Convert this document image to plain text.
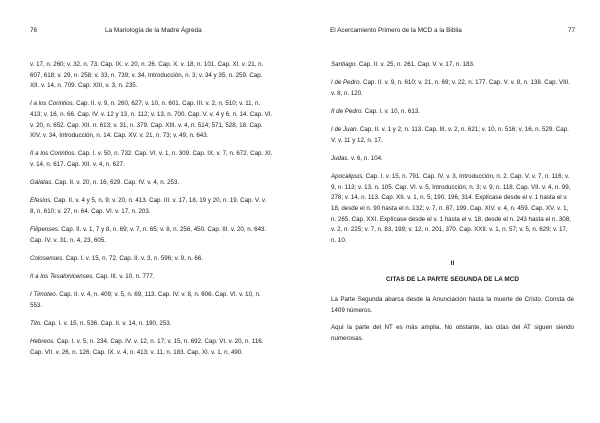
76	La Mariología de la Madre Ágreda

v. 17, n. 260; v. 32, n. 73. Cap. IX. v. 20, n. 26. Cap. X. v. 18, n. 101. Cap. XI. v. 21, n. 607, 618; v. 29, n. 258; v. 33, n. 739; v. 34, Introducción, n. 3; v. 34 y 35, n. 259. Cap. XII. v. 14, n. 709. Cap. XIII, v. 3, n. 235.

I a los Corintios. Cap. II. v. 9, n. 260, 627; v. 10, n. 601. Cap. III. v. 2, n. 510; v. 11, n. 413; v. 16, n. 66. Cap. IV. v. 12 y 13, n. 112; v. 13, n. 700. Cap. V. v. 4 y 6, n. 14. Cap. VI. v. 20, n. 652. Cap. XII. n. 613; v. 31, n. 379. Cap. XIII. v. 4, n. 514; 571, 528, 18. Cap. XIV. v. 34, Introducción, n. 14. Cap. XV. v. 21, n. 73; v. 49, n. 643.

II a los Corintios. Cap. I. v. 50, n. 732. Cap. VI. v. 1, n. 309. Cap. IX. v. 7, n. 672. Cap. XI. v. 14, n. 617. Cap. XII. v. 4, n. 627.

Gálatas. Cap. II. v. 20, n. 16, 629. Cap. IV. v. 4, n. 253.

Efesios. Cap. II. v. 4 y 5, n. 9; v. 20, n. 413. Cap. III. v. 17, 18, 19 y 20, n. 19. Cap. V. v. 8, n. 610; v. 27, n. 64. Cap. VI. v. 17, n. 203.

Filipenses. Cap. II. v. 1, 7 y 8, n. 69; v. 7, n. 65; v. 8, n. 256, 450. Cap. III. v. 20, n. 643. Cap. IV. v. 31, n. 4, 23, 605.

Colosenses. Cap. I. v. 15, n. 72. Cap. II. v. 3, n. 596; v. 9, n. 66.

II a los Tesalonicenses. Cap. III. v. 10, n. 777.

I Timoteo. Cap. II. v. 4, n. 409; v. 5, n. 69, 113. Cap. IV. v. 8, n. 606. Cap. VI. v. 10, n. 553.

Tito. Cap. I. v. 15, n. 536. Cap. II. v. 14, n. 190, 253.

Hebreos. Cap. I. v. 5, n. 234. Cap. IV. v. 12, n. 17; v. 15, n. 692. Cap. VI. v. 20, n. 116. Cap. VII. v. 26, n. 126. Cap. IX. v. 4, n. 413; v. 11, n. 183. Cap. XI. v. 1, n. 490.

El Acercamiento Primero de la MCD a la Biblia	77

Santiago. Cap. II. v. 25, n. 261. Cap. V. v. 17, n. 183.

I de Pedro. Cap. II. v. 9, n. 610; v. 21, n. 69; v. 22, n. 177. Cap. V. v. 8, n. 138. Cap. VIII. v. 8, n. 120.

II de Pedro. Cap. I. v. 10, n. 613.

I de Juan. Cap. II. v. 1 y 2, n. 113. Cap. III. v. 2, n. 621; v. 10, n. 516; v. 16, n. 529. Cap. V. v. 11 y 12, n. 17.

Judas. v. 6, n. 104.

Apocalipsis. Cap. I. v. 15, n. 791. Cap. IV. v. 3, Introducción, n. 2. Cap. V. v. 7, n. 116; v. 9, n. 113; v. 13, n. 105. Cap. VI. v. 5, Introducción, n. 3; v. 9, n. 118. Cap. VII. v. 4, n. 99, 278; v. 14, n. 113. Cap. XII. v. 1, n. 5, 190, 196, 314. Explícase desde el v. 1 hasta el v. 18, desde el n. 90 hasta el n. 132; v. 7, n. 87, 199. Cap. XIV. v. 4, n. 459. Cap. XV. v. 1, n. 265. Cap. XXI. Explícase desde el v. 1 hasta el v. 18, desde el n. 243 hasta el n. 308; v. 2, n. 225; v. 7, n. 83, 199; v. 12, n. 201, 370. Cap. XXII. v. 1, n. 57; v. 5, n. 629; v. 17, n. 10.

II

CITAS DE LA PARTE SEGUNDA DE LA MCD

La Parte Segunda abarca desde la Anunciación hasta la muerte de Cristo. Consta de 1409 números.

Aquí la parte del NT es más amplia. No obstante, las citas del AT siguen siendo numerosas.
